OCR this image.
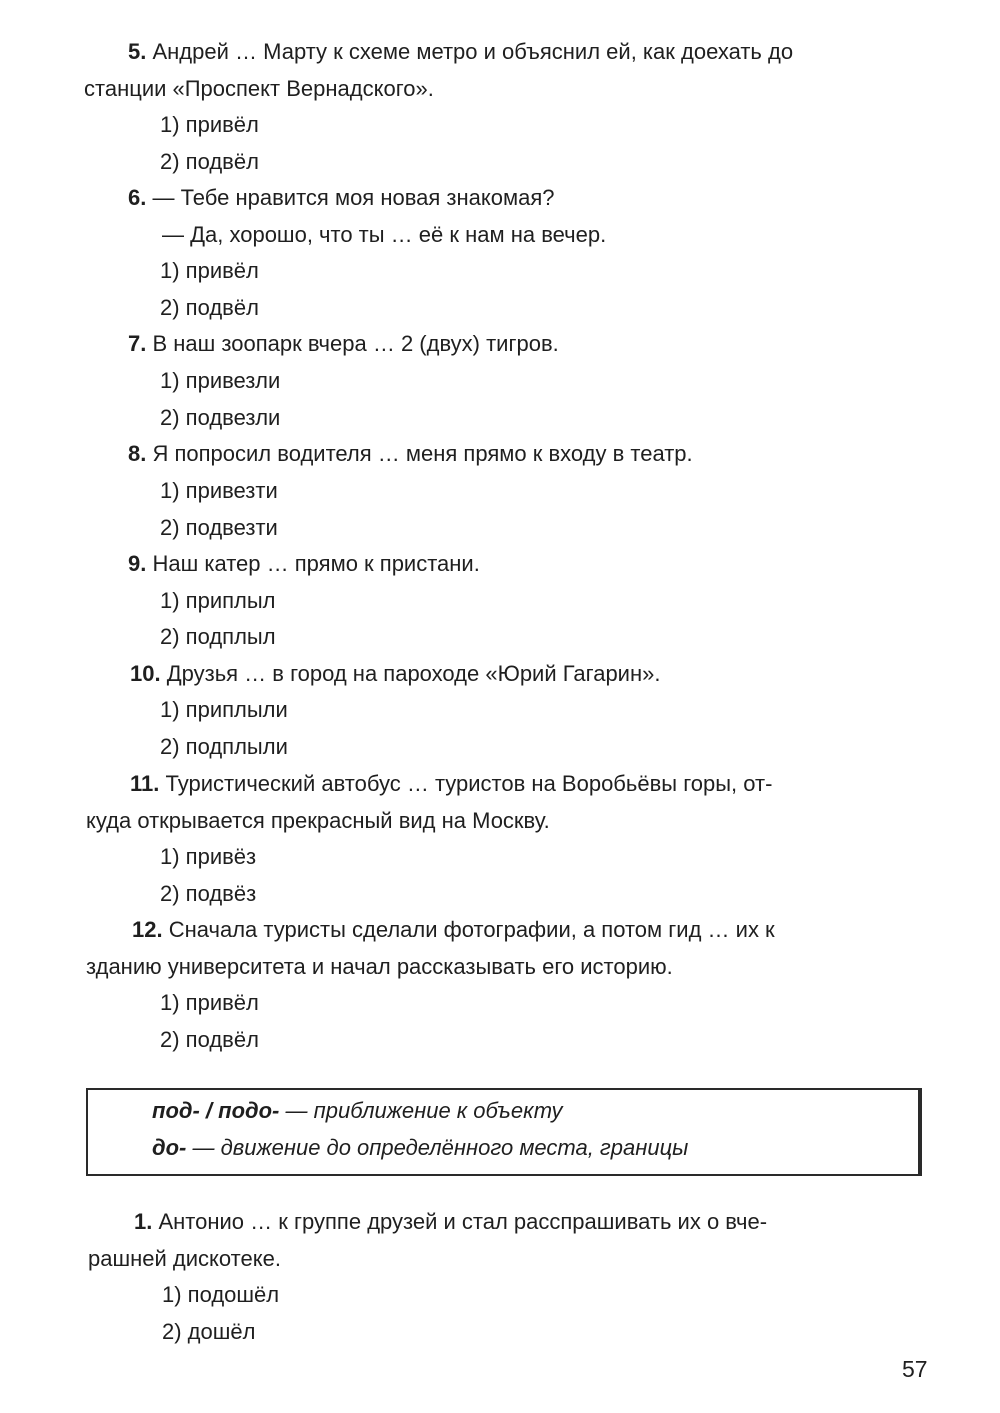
5. Андрей … Марту к схеме метро и объяснил ей, как доехать до
станции «Проспект Вернадского».
1) привёл
2) подвёл
6. — Тебе нравится моя новая знакомая?
— Да, хорошо, что ты … её к нам на вечер.
1) привёл
2) подвёл
7. В наш зоопарк вчера … 2 (двух) тигров.
1) привезли
2) подвезли
8. Я попросил водителя … меня прямо к входу в театр.
1) привезти
2) подвезти
9. Наш катер … прямо к пристани.
1) приплыл
2) подплыл
10. Друзья … в город на пароходе «Юрий Гагарин».
1) приплыли
2) подплыли
11. Туристический автобус … туристов на Воробьёвы горы, от-
куда открывается прекрасный вид на Москву.
1) привёз
2) подвёз
12. Сначала туристы сделали фотографии, а потом гид … их к
зданию университета и начал рассказывать его историю.
1) привёл
2) подвёл
под- / подо- — приближение к объекту
до- — движение до определённого места, границы
1. Антонио … к группе друзей и стал расспрашивать их о вче-
рашней дискотеке.
1) подошёл
2) дошёл
57
